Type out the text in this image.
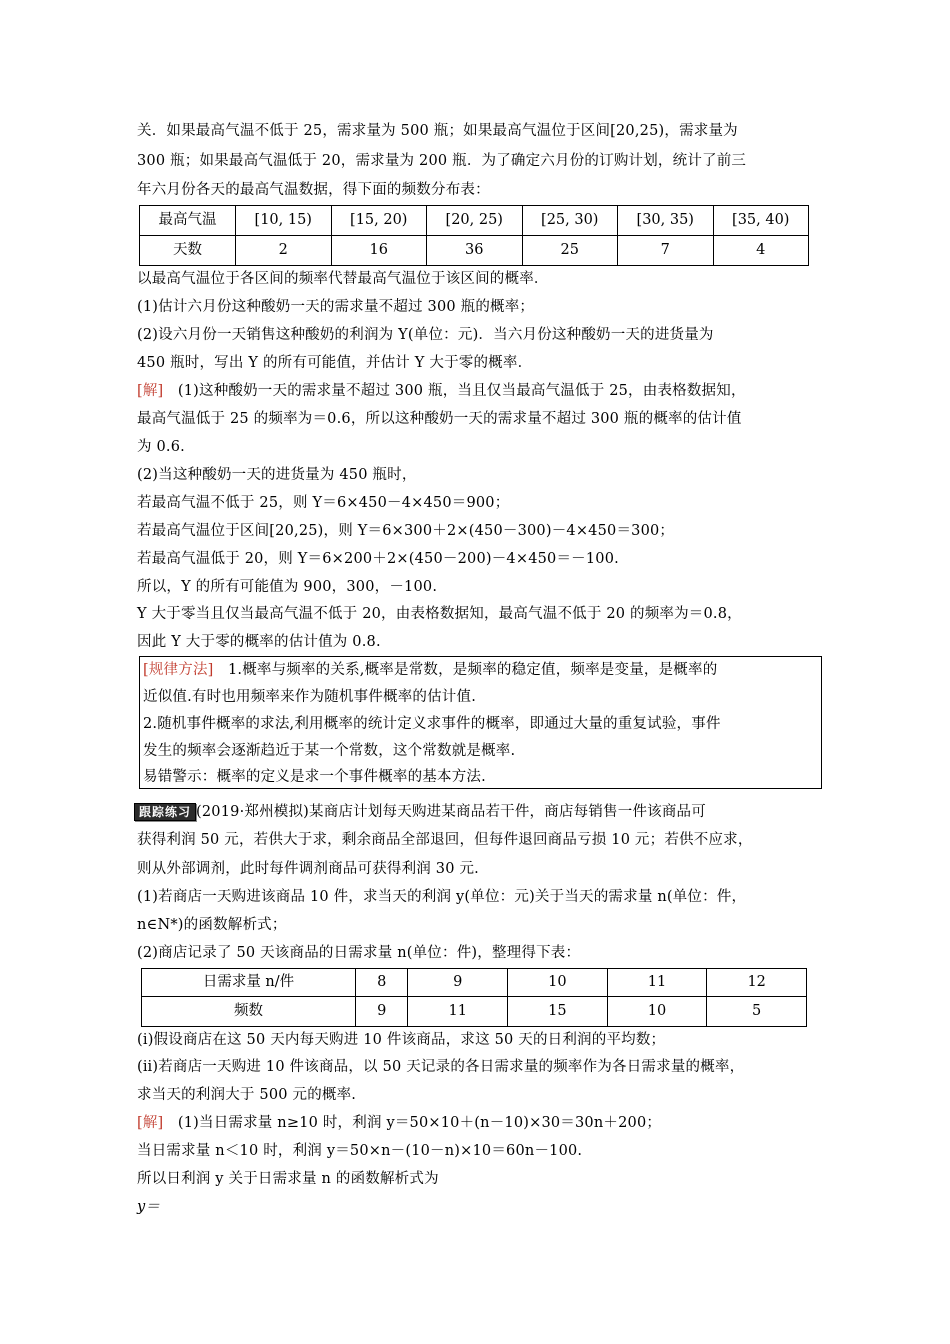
关．如果最高气温不低于 25，需求量为 500 瓶；如果最高气温位于区间[20,25)，需求量为
300 瓶；如果最高气温低于 20，需求量为 200 瓶．为了确定六月份的订购计划，统计了前三
年六月份各天的最高气温数据，得下面的频数分布表：
最高气温	[10, 15)	[15, 20)	[20, 25)	[25, 30)	[30, 35)	[35, 40)
天数	2	16	36	25	7	4
以最高气温位于各区间的频率代替最高气温位于该区间的概率．
(1)估计六月份这种酸奶一天的需求量不超过 300 瓶的概率；
(2)设六月份一天销售这种酸奶的利润为 Y(单位：元)．当六月份这种酸奶一天的进货量为
450 瓶时，写出 Y 的所有可能值，并估计 Y 大于零的概率．
[解] (1)这种酸奶一天的需求量不超过 300 瓶，当且仅当最高气温低于 25，由表格数据知，
最高气温低于 25 的频率为＝0.6，所以这种酸奶一天的需求量不超过 300 瓶的概率的估计值
为 0.6.
(2)当这种酸奶一天的进货量为 450 瓶时，
若最高气温不低于 25，则 Y＝6×450－4×450＝900；
若最高气温位于区间[20,25)，则 Y＝6×300＋2×(450－300)－4×450＝300；
若最高气温低于 20，则 Y＝6×200＋2×(450－200)－4×450＝－100.
所以，Y 的所有可能值为 900，300，－100.
Y 大于零当且仅当最高气温不低于 20，由表格数据知，最高气温不低于 20 的频率为＝0.8，
因此 Y 大于零的概率的估计值为 0.8.
[规律方法] 1.概率与频率的关系,概率是常数，是频率的稳定值，频率是变量，是概率的
近似值.有时也用频率来作为随机事件概率的估计值.
2.随机事件概率的求法,利用概率的统计定义求事件的概率，即通过大量的重复试验，事件
发生的频率会逐渐趋近于某一个常数，这个常数就是概率.
易错警示：概率的定义是求一个事件概率的基本方法.
跟踪练习 (2019·郑州模拟)某商店计划每天购进某商品若干件，商店每销售一件该商品可
获得利润 50 元，若供大于求，剩余商品全部退回，但每件退回商品亏损 10 元；若供不应求，
则从外部调剂，此时每件调剂商品可获得利润 30 元.
(1)若商店一天购进该商品 10 件，求当天的利润 y(单位：元)关于当天的需求量 n(单位：件，
n∈N*)的函数解析式；
(2)商店记录了 50 天该商品的日需求量 n(单位：件)，整理得下表：
日需求量 n/件	8	9	10	11	12
频数	9	11	15	10	5
(ⅰ)假设商店在这 50 天内每天购进 10 件该商品，求这 50 天的日利润的平均数；
(ⅱ)若商店一天购进 10 件该商品，以 50 天记录的各日需求量的频率作为各日需求量的概率，
求当天的利润大于 500 元的概率.
[解] (1)当日需求量 n≥10 时，利润 y＝50×10＋(n－10)×30＝30n＋200；
当日需求量 n＜10 时，利润 y＝50×n－(10－n)×10＝60n－100.
所以日利润 y 关于日需求量 n 的函数解析式为
y＝
